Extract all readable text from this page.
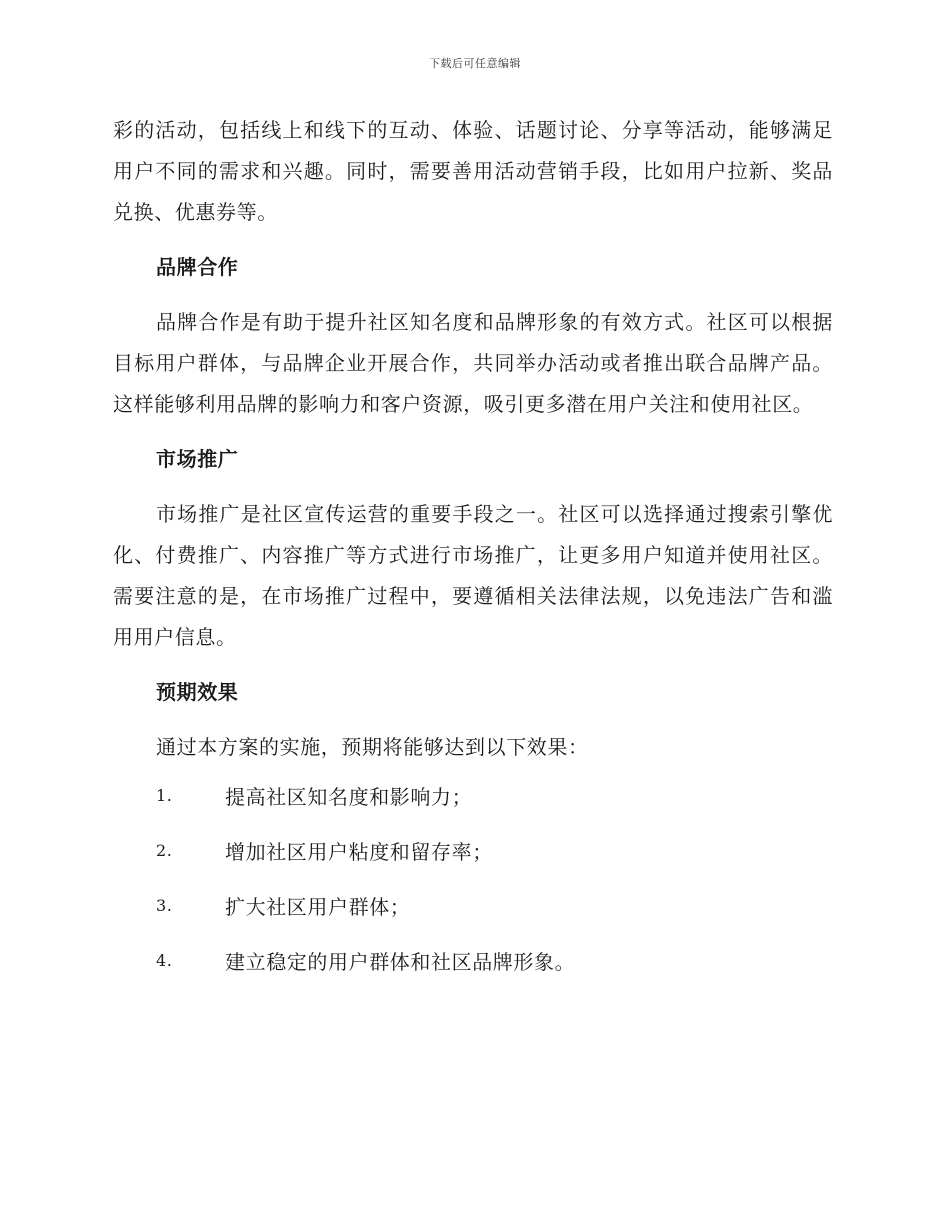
下载后可任意编辑

彩的活动，包括线上和线下的互动、体验、话题讨论、分享等活动，能够满足用户不同的需求和兴趣。同时，需要善用活动营销手段，比如用户拉新、奖品兑换、优惠券等。

品牌合作

品牌合作是有助于提升社区知名度和品牌形象的有效方式。社区可以根据目标用户群体，与品牌企业开展合作，共同举办活动或者推出联合品牌产品。这样能够利用品牌的影响力和客户资源，吸引更多潜在用户关注和使用社区。

市场推广

市场推广是社区宣传运营的重要手段之一。社区可以选择通过搜索引擎优化、付费推广、内容推广等方式进行市场推广，让更多用户知道并使用社区。需要注意的是，在市场推广过程中，要遵循相关法律法规，以免违法广告和滥用用户信息。

预期效果

通过本方案的实施，预期将能够达到以下效果：

1.	提高社区知名度和影响力；
2.	增加社区用户粘度和留存率；
3.	扩大社区用户群体；
4.	建立稳定的用户群体和社区品牌形象。
